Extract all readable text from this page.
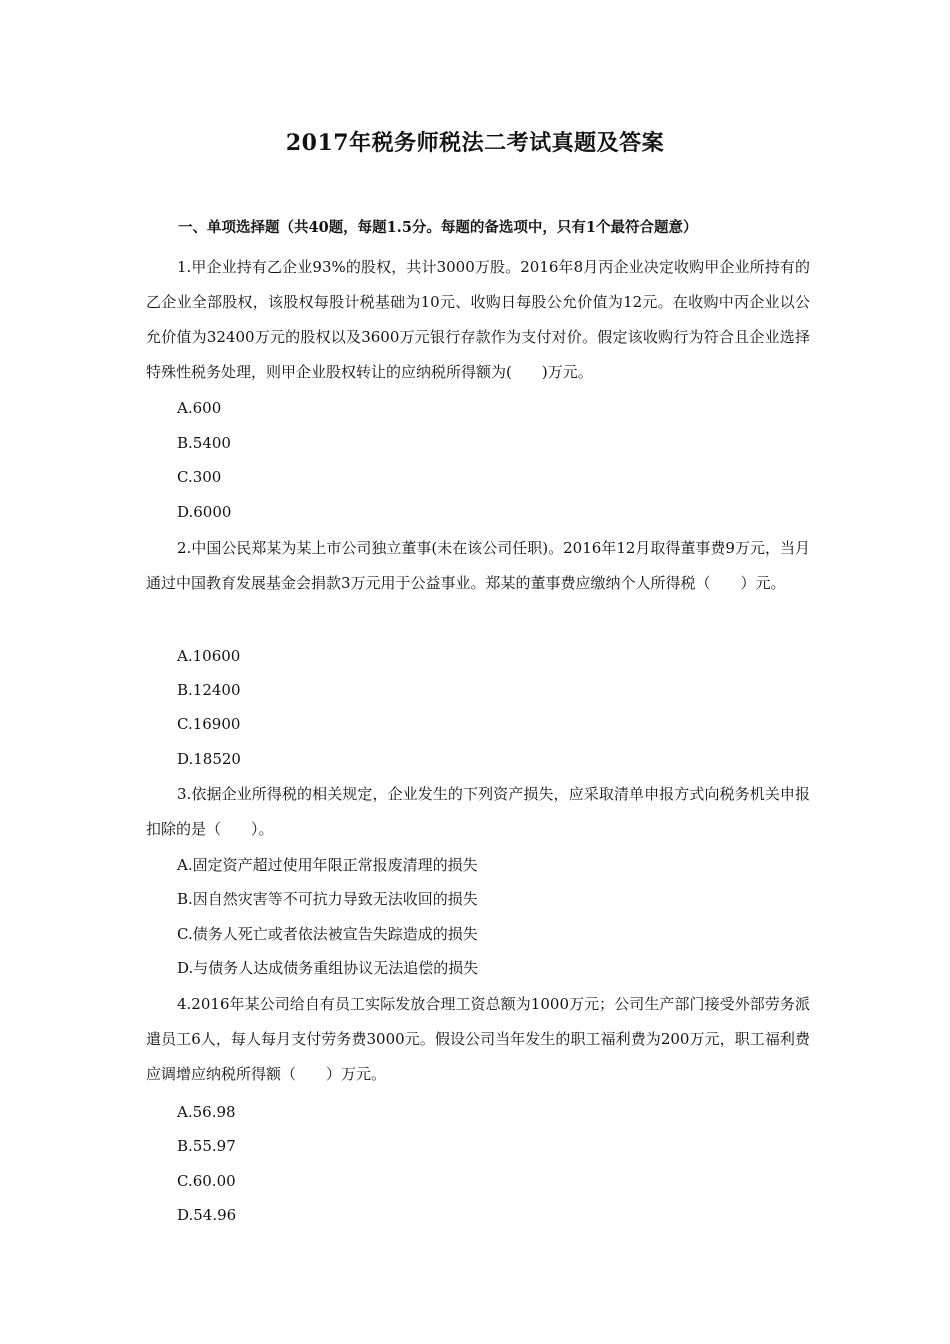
2017年税务师税法二考试真题及答案
一、单项选择题（共40题，每题1.5分。每题的备选项中，只有1个最符合题意）
1.甲企业持有乙企业93%的股权，共计3000万股。2016年8月丙企业决定收购甲企业所持有的乙企业全部股权，该股权每股计税基础为10元、收购日每股公允价值为12元。在收购中丙企业以公允价值为32400万元的股权以及3600万元银行存款作为支付对价。假定该收购行为符合且企业选择特殊性税务处理，则甲企业股权转让的应纳税所得额为(　　)万元。
A.600
B.5400
C.300
D.6000
2.中国公民郑某为某上市公司独立董事(未在该公司任职)。2016年12月取得董事费9万元，当月通过中国教育发展基金会捐款3万元用于公益事业。郑某的董事费应缴纳个人所得税（　　）元。
A.10600
B.12400
C.16900
D.18520
3.依据企业所得税的相关规定，企业发生的下列资产损失，应采取清单申报方式向税务机关申报扣除的是（　　）。
A.固定资产超过使用年限正常报废清理的损失
B.因自然灾害等不可抗力导致无法收回的损失
C.债务人死亡或者依法被宣告失踪造成的损失
D.与债务人达成债务重组协议无法追偿的损失
4.2016年某公司给自有员工实际发放合理工资总额为1000万元；公司生产部门接受外部劳务派遣员工6人，每人每月支付劳务费3000元。假设公司当年发生的职工福利费为200万元，职工福利费应调增应纳税所得额（　　）万元。
A.56.98
B.55.97
C.60.00
D.54.96
